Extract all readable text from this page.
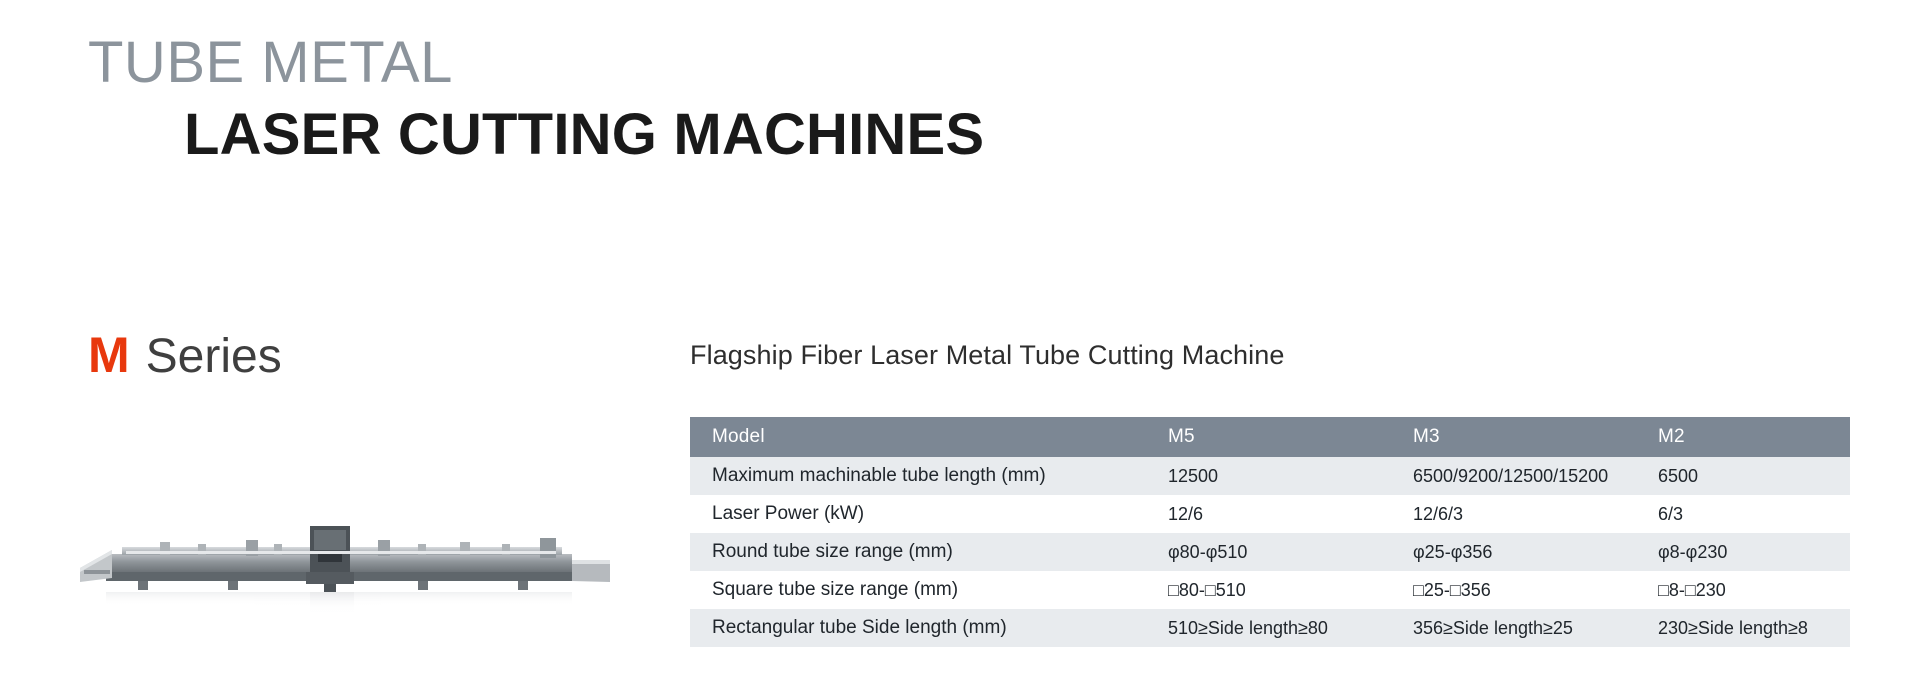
TUBE METAL
LASER CUTTING MACHINES
M Series	Flagship Fiber Laser Metal Tube Cutting Machine
Model	M5	M3	M2
Maximum machinable tube length (mm)	12500	6500/9200/12500/15200	6500
Laser Power (kW)	12/6	12/6/3	6/3
Round tube size range (mm)	φ80-φ510	φ25-φ356	φ8-φ230
Square tube size range (mm)	□80-□510	□25-□356	□8-□230
Rectangular tube Side length (mm)	510≥Side length≥80	356≥Side length≥25	230≥Side length≥8
